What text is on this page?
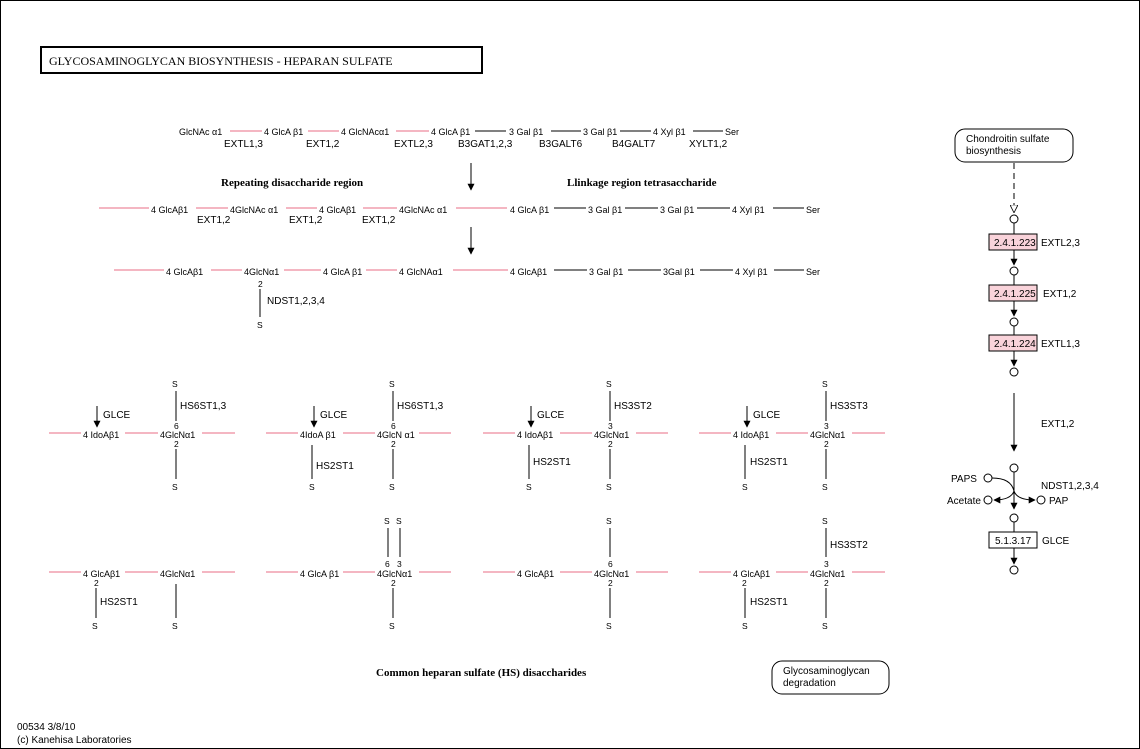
GLYCOSAMINOGLYCAN BIOSYNTHESIS - HEPARAN SULFATE
GlcNAc α1	4 GlcA β1	4 GlcNAcα1	4 GlcA β1	3 Gal β1	3 Gal β1	4 Xyl β1	Ser
EXTL1,3	EXT1,2	EXTL2,3	B3GAT1,2,3	B3GALT6	B4GALT7	XYLT1,2
Repeating disaccharide region	Llinkage region tetrasaccharide
4 GlcAβ1	4GlcNAc α1	4 GlcAβ1	4GlcNAc α1	4 GlcA β1	3 Gal β1	3 Gal β1	4 Xyl β1	Ser
EXT1,2	EXT1,2	EXT1,2
4 GlcAβ1	4GlcNα1	4 GlcA β1	4 GlcNAα1	4 GlcAβ1	3 Gal β1	3Gal β1	4 Xyl β1	Ser
2
S
NDST1,2,3,4
4 IdoAβ1	4GlcNα1
GLCE
S
6
HS6ST1,3
2
S
4IdoA β1	4GlcN α1
GLCE
S
6
HS6ST1,3
2
S
S
HS2ST1
4 IdoAβ1	4GlcNα1
GLCE
S
3
HS3ST2
2
S
S
HS2ST1
4 IdoAβ1	4GlcNα1
GLCE
S
3
HS3ST3
2
S
S
HS2ST1
4 GlcAβ1	4GlcNα1
2
S
HS2ST1
S
4 GlcA β1	4GlcNα1
S S
6 3
2
S
4 GlcAβ1	4GlcNα1
S
6
2
S
4 GlcAβ1	4GlcNα1
S
3
HS3ST2
2
S
2
S
HS2ST1
Common heparan sulfate (HS) disaccharides	Glycosaminoglycan
degradation
Chondroitin sulfate
biosynthesis
2.4.1.223 EXTL2,3
2.4.1.225 EXT1,2
2.4.1.224 EXTL1,3
EXT1,2
PAPS
Acetate	PAP
NDST1,2,3,4
5.1.3.17 GLCE
00534 3/8/10
(c) Kanehisa Laboratories
